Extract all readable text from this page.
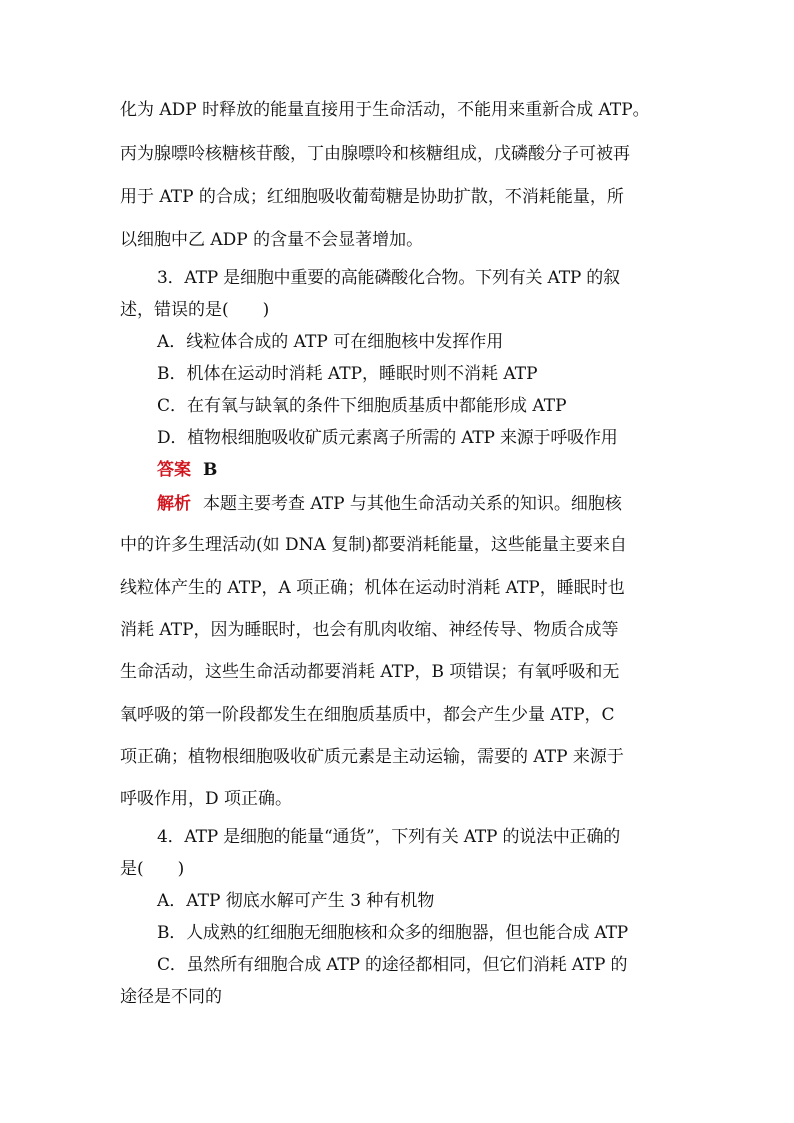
化为 ADP 时释放的能量直接用于生命活动，不能用来重新合成 ATP。
丙为腺嘌呤核糖核苷酸，丁由腺嘌呤和核糖组成，戊磷酸分子可被再
用于 ATP 的合成；红细胞吸收葡萄糖是协助扩散，不消耗能量，所
以细胞中乙 ADP 的含量不会显著增加。
3．ATP 是细胞中重要的高能磷酸化合物。下列有关 ATP 的叙
述，错误的是(　　)
A．线粒体合成的 ATP 可在细胞核中发挥作用
B．机体在运动时消耗 ATP，睡眠时则不消耗 ATP
C．在有氧与缺氧的条件下细胞质基质中都能形成 ATP
D．植物根细胞吸收矿质元素离子所需的 ATP 来源于呼吸作用
答案 B
解析 本题主要考查 ATP 与其他生命活动关系的知识。细胞核
中的许多生理活动(如 DNA 复制)都要消耗能量，这些能量主要来自
线粒体产生的 ATP，A 项正确；机体在运动时消耗 ATP，睡眠时也
消耗 ATP，因为睡眠时，也会有肌肉收缩、神经传导、物质合成等
生命活动，这些生命活动都要消耗 ATP，B 项错误；有氧呼吸和无
氧呼吸的第一阶段都发生在细胞质基质中，都会产生少量 ATP，C
项正确；植物根细胞吸收矿质元素是主动运输，需要的 ATP 来源于
呼吸作用，D 项正确。
4．ATP 是细胞的能量“通货”，下列有关 ATP 的说法中正确的
是(　　)
A．ATP 彻底水解可产生 3 种有机物
B．人成熟的红细胞无细胞核和众多的细胞器，但也能合成 ATP
C．虽然所有细胞合成 ATP 的途径都相同，但它们消耗 ATP 的
途径是不同的
